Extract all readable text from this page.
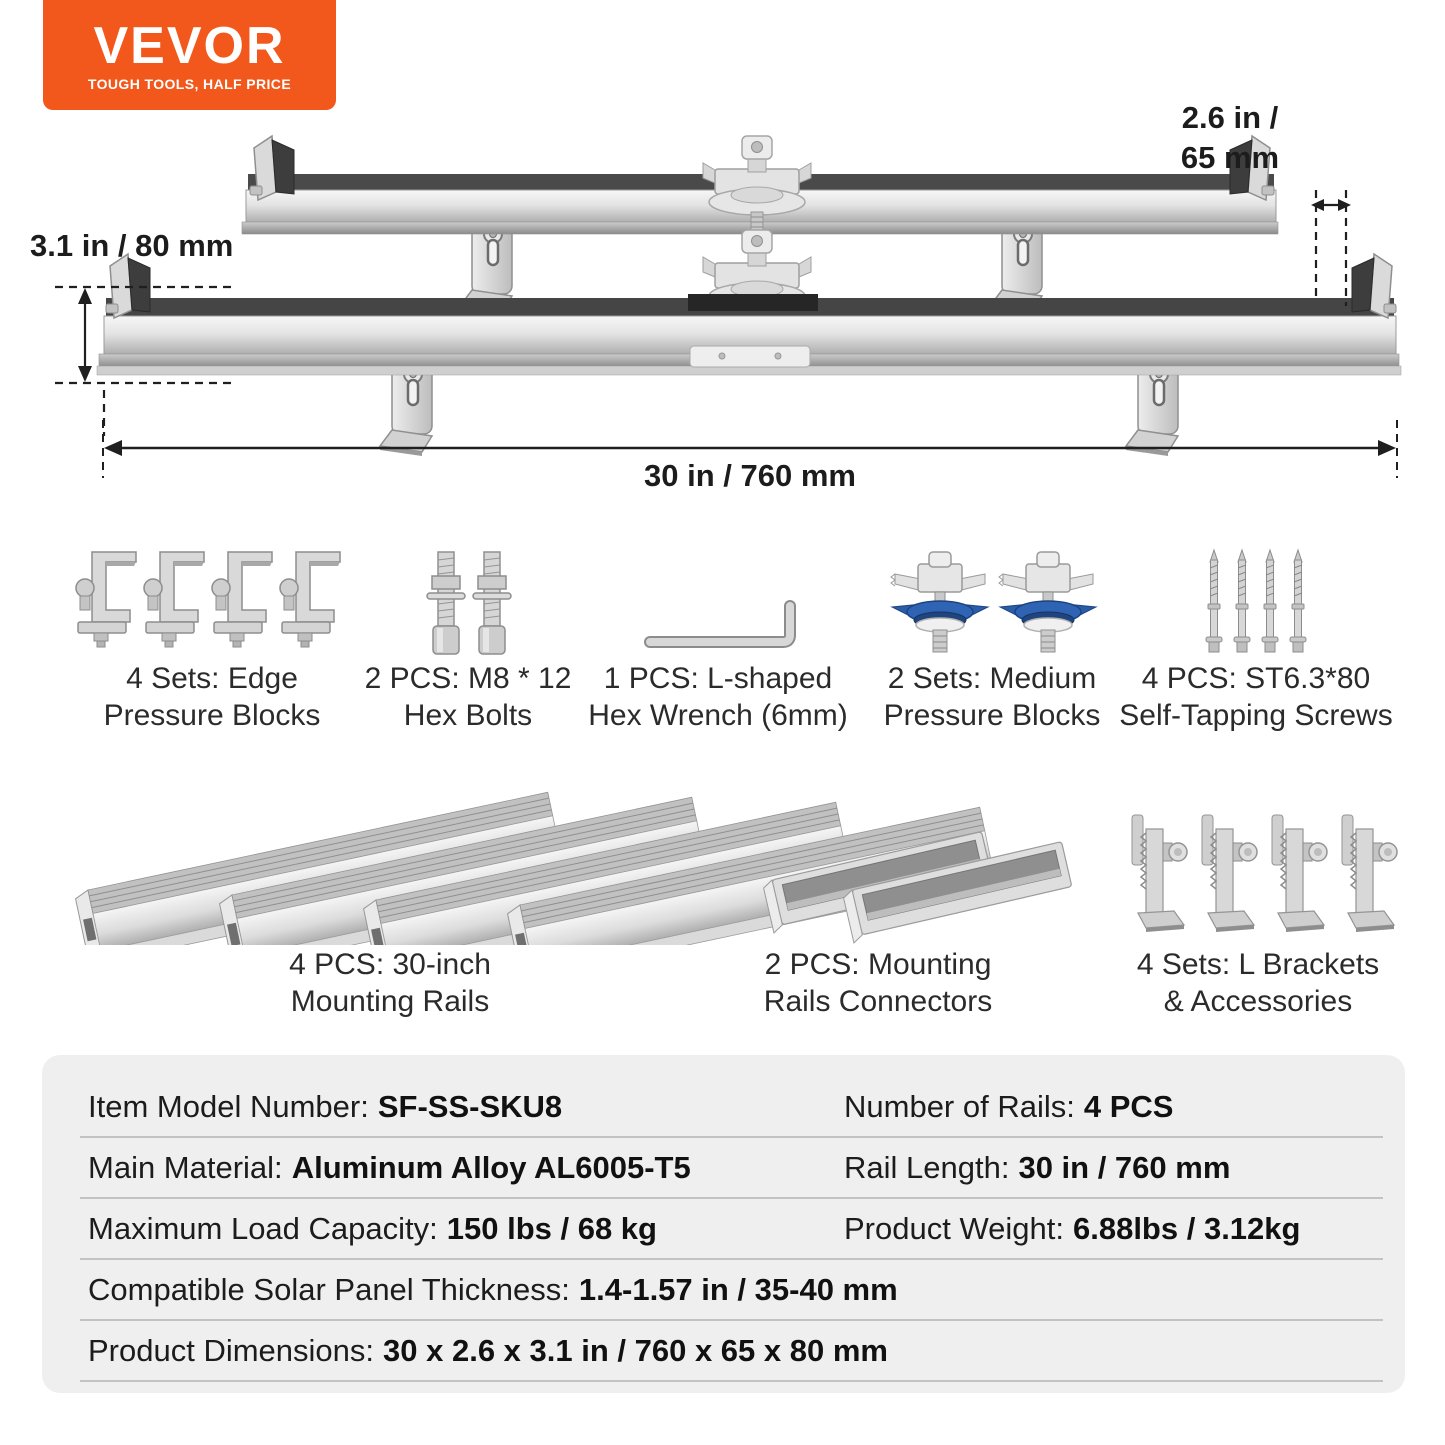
VEVOR
TOUGH TOOLS, HALF PRICE
3.1 in / 80 mm
2.6 in /
65 mm
30 in / 760 mm
4 Sets: Edge
Pressure Blocks
2 PCS: M8 * 12
Hex Bolts
1 PCS: L-shaped
Hex Wrench (6mm)
2 Sets: Medium
Pressure Blocks
4 PCS: ST6.3*80
Self-Tapping Screws
4 PCS: 30-inch
Mounting Rails
2 PCS: Mounting
Rails Connectors
4 Sets: L Brackets
& Accessories
Item Model Number: SF-SS-SKU8	Number of Rails: 4 PCS
Main Material: Aluminum Alloy AL6005-T5	Rail Length: 30 in / 760 mm
Maximum Load Capacity: 150 lbs / 68 kg	Product Weight: 6.88lbs / 3.12kg
Compatible Solar Panel Thickness: 1.4-1.57 in / 35-40 mm
Product Dimensions: 30 x 2.6 x 3.1 in / 760 x 65 x 80 mm
